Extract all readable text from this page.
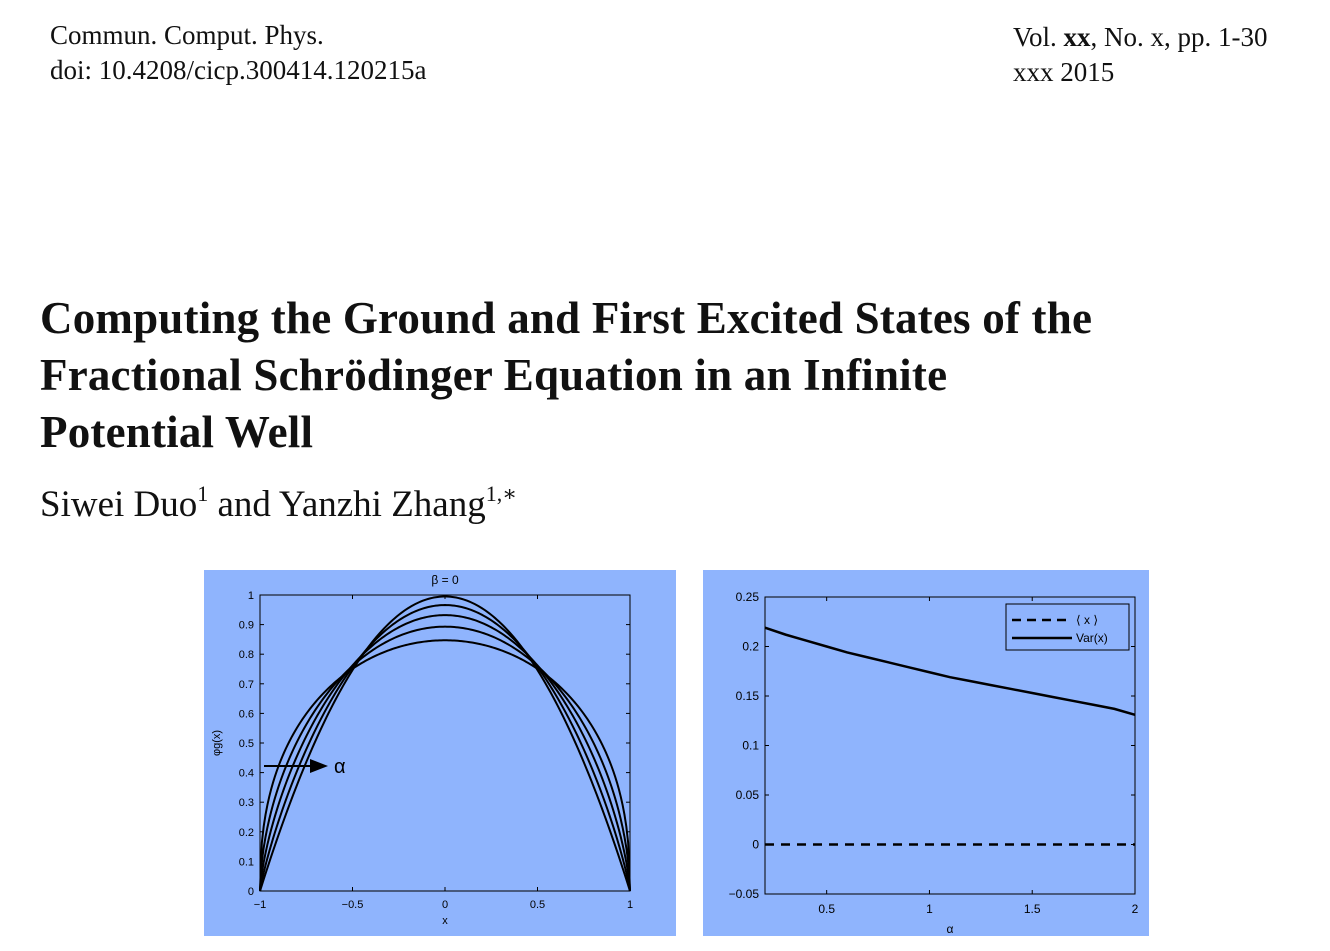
Commun. Comput. Phys.
doi: 10.4208/cicp.300414.120215a
Vol. xx, No. x, pp. 1-30
xxx 2015
Computing the Ground and First Excited States of the Fractional Schrödinger Equation in an Infinite Potential Well
Siwei Duo$^1$ and Yanzhi Zhang$^{1,∗}$
−1	−0.5	0	0.5	1
0
0.1
0.2
0.3
0.4
0.5
0.6
0.7
0.8
0.9
1
β = 0
x
φg(x)
α
0.5	1	1.5	2
−0.05
0
0.05
0.1
0.15
0.2
0.25
α
⟨ x ⟩
Var(x)
